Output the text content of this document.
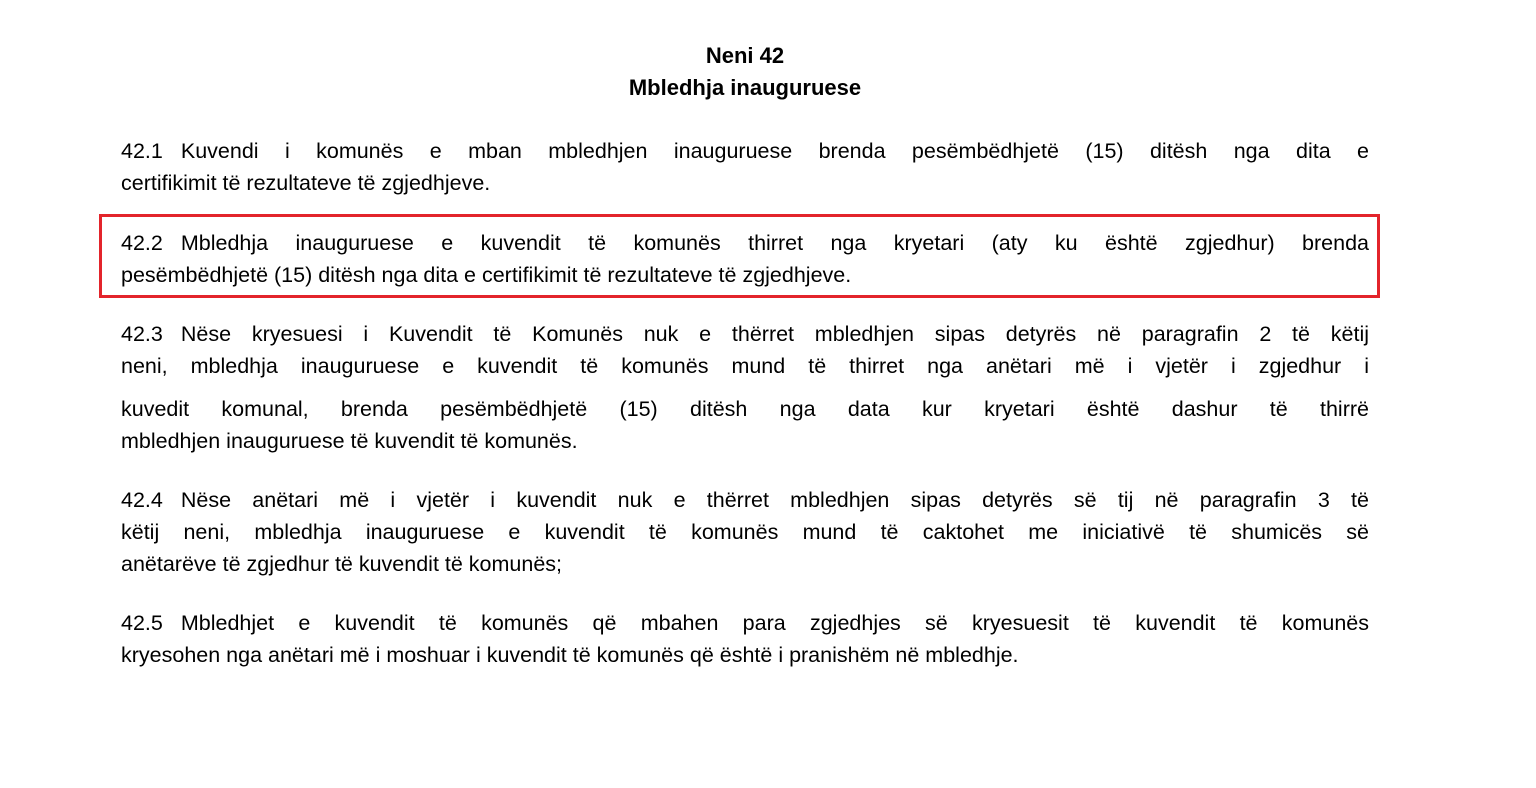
Neni 42
Mbledhja inauguruese
42.1 Kuvendi i komunës e mban mbledhjen inauguruese brenda pesëmbëdhjetë (15) ditësh nga dita e
certifikimit të rezultateve të zgjedhjeve.
42.2 Mbledhja inauguruese e kuvendit të komunës thirret nga kryetari (aty ku është zgjedhur) brenda
pesëmbëdhjetë (15) ditësh nga dita e certifikimit të rezultateve të zgjedhjeve.
42.3 Nëse kryesuesi i Kuvendit të Komunës nuk e thërret mbledhjen sipas detyrës në paragrafin 2 të këtij
neni, mbledhja inauguruese e kuvendit të komunës mund të thirret nga anëtari më i vjetër i zgjedhur i
kuvedit komunal, brenda pesëmbëdhjetë (15) ditësh nga data kur kryetari është dashur të thirrë
mbledhjen inauguruese të kuvendit të komunës.
42.4 Nëse anëtari më i vjetër i kuvendit nuk e thërret mbledhjen sipas detyrës së tij në paragrafin 3 të
këtij neni, mbledhja inauguruese e kuvendit të komunës mund të caktohet me iniciativë të shumicës së
anëtarëve të zgjedhur të kuvendit të komunës;
42.5 Mbledhjet e kuvendit të komunës që mbahen para zgjedhjes së kryesuesit të kuvendit të komunës
kryesohen nga anëtari më i moshuar i kuvendit të komunës që është i pranishëm në mbledhje.
